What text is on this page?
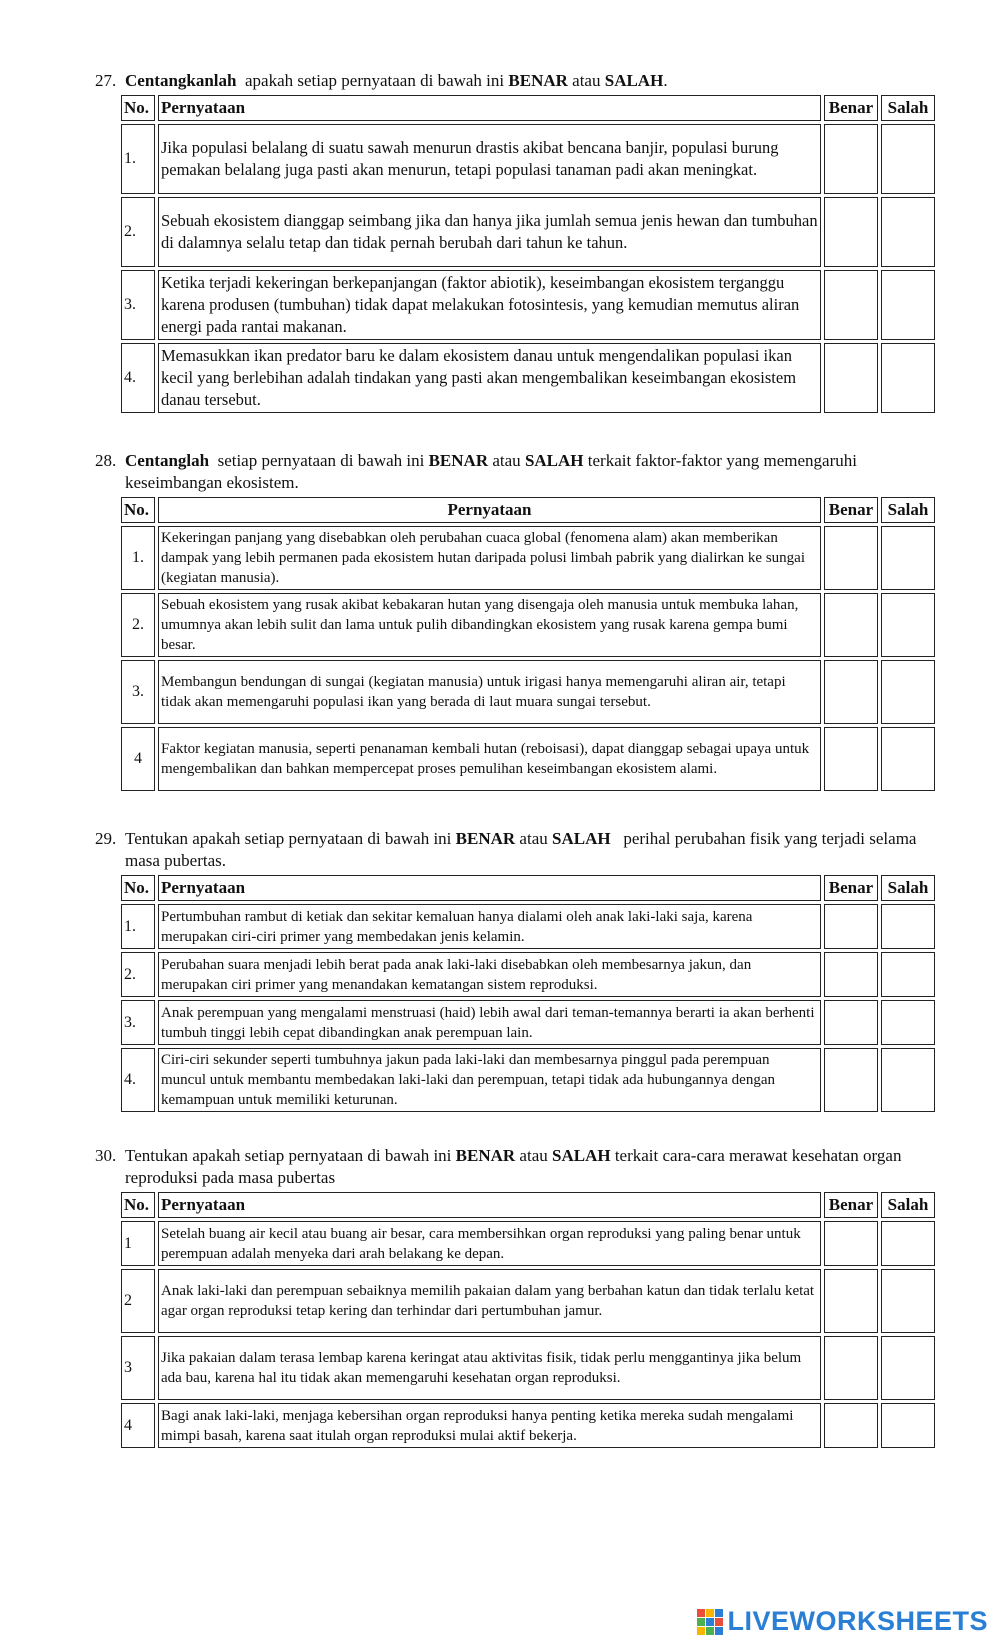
27. Centangkanlah  apakah setiap pernyataan di bawah ini BENAR atau SALAH.
No.	Pernyataan	Benar	Salah
1.	Jika populasi belalang di suatu sawah menurun drastis akibat bencana banjir, populasi burung pemakan belalang juga pasti akan menurun, tetapi populasi tanaman padi akan meningkat.		
2.	Sebuah ekosistem dianggap seimbang jika dan hanya jika jumlah semua jenis hewan dan tumbuhan di dalamnya selalu tetap dan tidak pernah berubah dari tahun ke tahun.		
3.	Ketika terjadi kekeringan berkepanjangan (faktor abiotik), keseimbangan ekosistem terganggu karena produsen (tumbuhan) tidak dapat melakukan fotosintesis, yang kemudian memutus aliran energi pada rantai makanan.		
4.	Memasukkan ikan predator baru ke dalam ekosistem danau untuk mengendalikan populasi ikan kecil yang berlebihan adalah tindakan yang pasti akan mengembalikan keseimbangan ekosistem danau tersebut.		
28. Centanglah  setiap pernyataan di bawah ini BENAR atau SALAH terkait faktor-faktor yang memengaruhi keseimbangan ekosistem.
No.	Pernyataan	Benar	Salah
1.	Kekeringan panjang yang disebabkan oleh perubahan cuaca global (fenomena alam) akan memberikan dampak yang lebih permanen pada ekosistem hutan daripada polusi limbah pabrik yang dialirkan ke sungai (kegiatan manusia).		
2.	Sebuah ekosistem yang rusak akibat kebakaran hutan yang disengaja oleh manusia untuk membuka lahan, umumnya akan lebih sulit dan lama untuk pulih dibandingkan ekosistem yang rusak karena gempa bumi besar.		
3.	Membangun bendungan di sungai (kegiatan manusia) untuk irigasi hanya memengaruhi aliran air, tetapi tidak akan memengaruhi populasi ikan yang berada di laut muara sungai tersebut.		
4	Faktor kegiatan manusia, seperti penanaman kembali hutan (reboisasi), dapat dianggap sebagai upaya untuk mengembalikan dan bahkan mempercepat proses pemulihan keseimbangan ekosistem alami.		
29. Tentukan apakah setiap pernyataan di bawah ini BENAR atau SALAH   perihal perubahan fisik yang terjadi selama masa pubertas.
No.	Pernyataan	Benar	Salah
1.	Pertumbuhan rambut di ketiak dan sekitar kemaluan hanya dialami oleh anak laki-laki saja, karena merupakan ciri-ciri primer yang membedakan jenis kelamin.		
2.	Perubahan suara menjadi lebih berat pada anak laki-laki disebabkan oleh membesarnya jakun, dan merupakan ciri primer yang menandakan kematangan sistem reproduksi.		
3.	Anak perempuan yang mengalami menstruasi (haid) lebih awal dari teman-temannya berarti ia akan berhenti tumbuh tinggi lebih cepat dibandingkan anak perempuan lain.		
4.	Ciri-ciri sekunder seperti tumbuhnya jakun pada laki-laki dan membesarnya pinggul pada perempuan muncul untuk membantu membedakan laki-laki dan perempuan, tetapi tidak ada hubungannya dengan kemampuan untuk memiliki keturunan.		
30. Tentukan apakah setiap pernyataan di bawah ini BENAR atau SALAH terkait cara-cara merawat kesehatan organ reproduksi pada masa pubertas
No.	Pernyataan	Benar	Salah
1	Setelah buang air kecil atau buang air besar, cara membersihkan organ reproduksi yang paling benar untuk perempuan adalah menyeka dari arah belakang ke depan.		
2	Anak laki-laki dan perempuan sebaiknya memilih pakaian dalam yang berbahan katun dan tidak terlalu ketat agar organ reproduksi tetap kering dan terhindar dari pertumbuhan jamur.		
3	Jika pakaian dalam terasa lembap karena keringat atau aktivitas fisik, tidak perlu menggantinya jika belum ada bau, karena hal itu tidak akan memengaruhi kesehatan organ reproduksi.		
4	Bagi anak laki-laki, menjaga kebersihan organ reproduksi hanya penting ketika mereka sudah mengalami mimpi basah, karena saat itulah organ reproduksi mulai aktif bekerja.		
LIVEWORKSHEETS
